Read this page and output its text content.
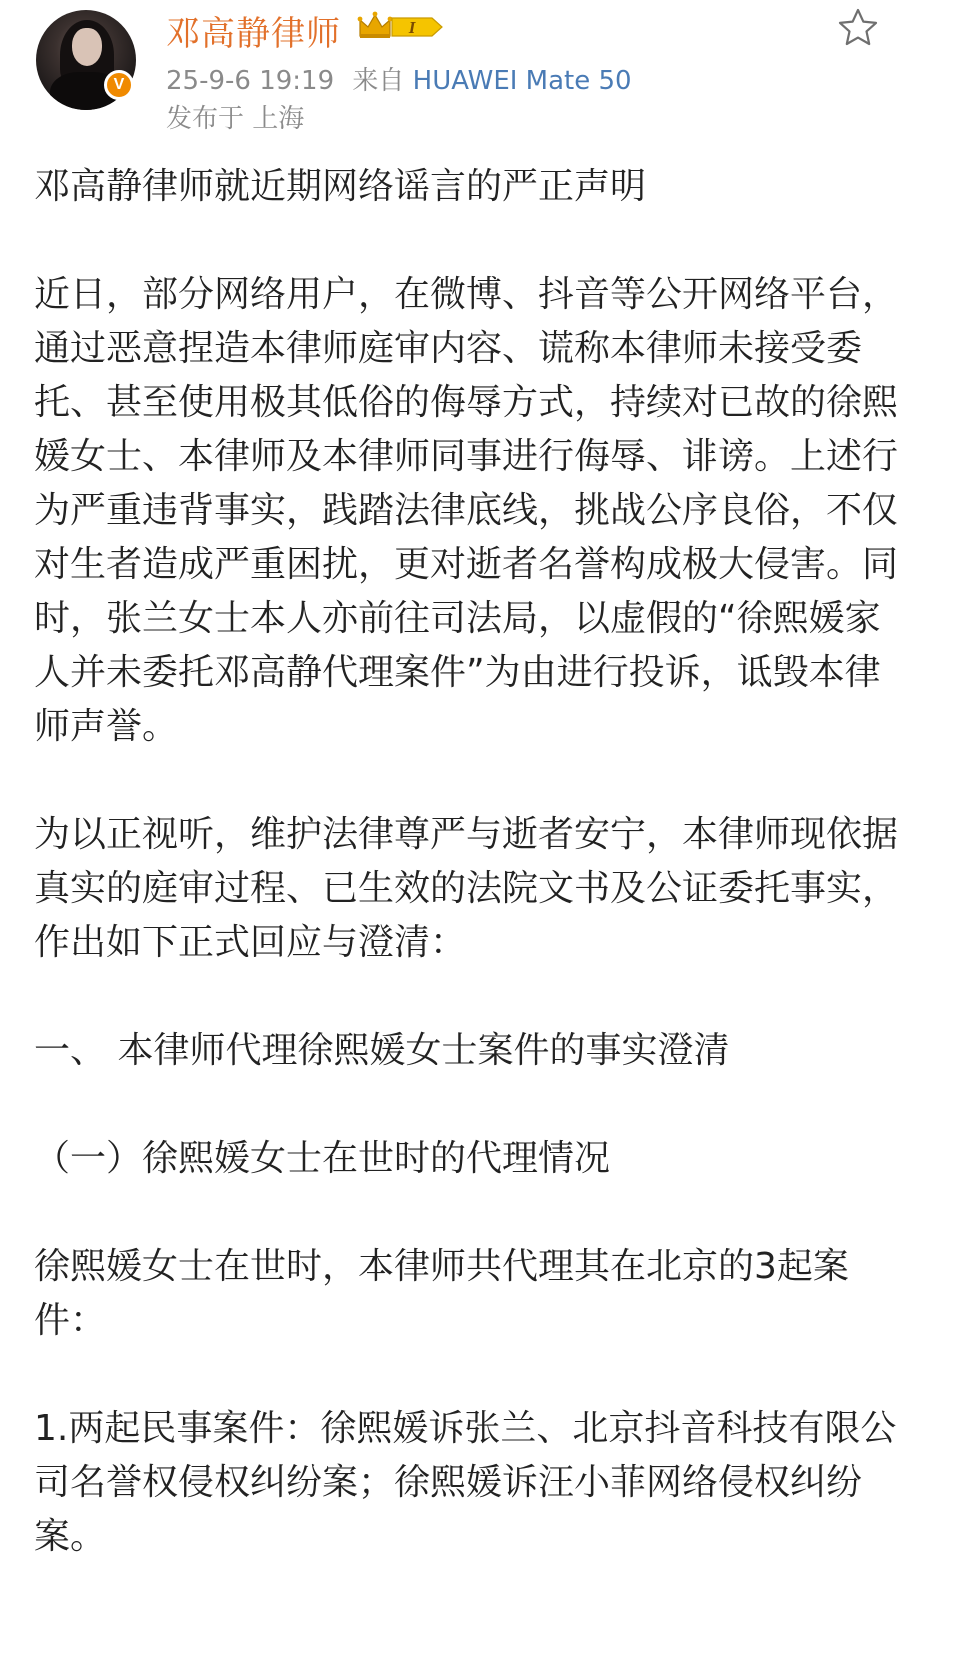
V
邓高静律师	I
25-9-6 19:19 来自 HUAWEI Mate 50
发布于 上海

邓高静律师就近期网络谣言的严正声明

近日，部分网络用户，在微博、抖音等公开网络平台，通过恶意捏造本律师庭审内容、谎称本律师未接受委托、甚至使用极其低俗的侮辱方式，持续对已故的徐熙媛女士、本律师及本律师同事进行侮辱、诽谤。上述行为严重违背事实，践踏法律底线，挑战公序良俗，不仅对生者造成严重困扰，更对逝者名誉构成极大侵害。同时，张兰女士本人亦前往司法局，以虚假的“徐熙媛家人并未委托邓高静代理案件”为由进行投诉，诋毁本律师声誉。

为以正视听，维护法律尊严与逝者安宁，本律师现依据真实的庭审过程、已生效的法院文书及公证委托事实，作出如下正式回应与澄清：

一、 本律师代理徐熙媛女士案件的事实澄清

（一）徐熙媛女士在世时的代理情况

徐熙媛女士在世时，本律师共代理其在北京的3起案件：

1.两起民事案件：徐熙媛诉张兰、北京抖音科技有限公司名誉权侵权纠纷案；徐熙媛诉汪小菲网络侵权纠纷案。
